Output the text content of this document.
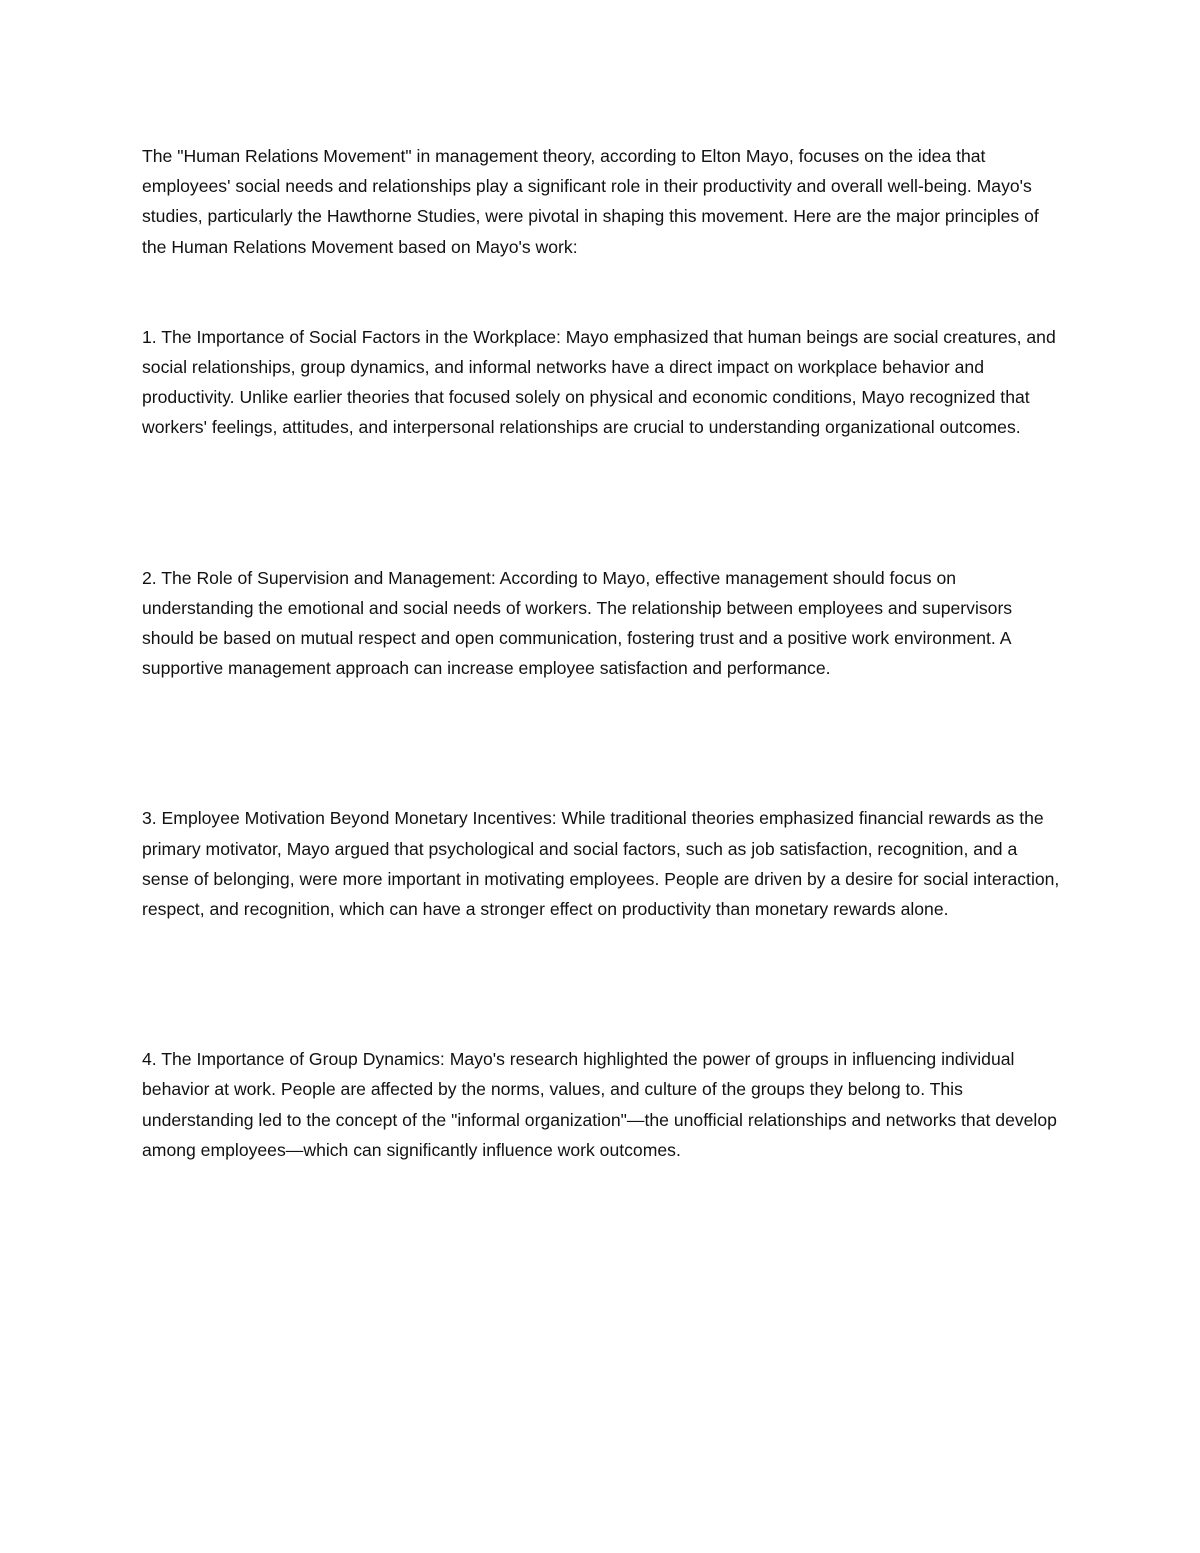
The "Human Relations Movement" in management theory, according to Elton Mayo, focuses on the idea that employees' social needs and relationships play a significant role in their productivity and overall well-being. Mayo's studies, particularly the Hawthorne Studies, were pivotal in shaping this movement. Here are the major principles of the Human Relations Movement based on Mayo's work:

1. The Importance of Social Factors in the Workplace: Mayo emphasized that human beings are social creatures, and social relationships, group dynamics, and informal networks have a direct impact on workplace behavior and productivity. Unlike earlier theories that focused solely on physical and economic conditions, Mayo recognized that workers' feelings, attitudes, and interpersonal relationships are crucial to understanding organizational outcomes.

2. The Role of Supervision and Management: According to Mayo, effective management should focus on understanding the emotional and social needs of workers. The relationship between employees and supervisors should be based on mutual respect and open communication, fostering trust and a positive work environment. A supportive management approach can increase employee satisfaction and performance.

3. Employee Motivation Beyond Monetary Incentives: While traditional theories emphasized financial rewards as the primary motivator, Mayo argued that psychological and social factors, such as job satisfaction, recognition, and a sense of belonging, were more important in motivating employees. People are driven by a desire for social interaction, respect, and recognition, which can have a stronger effect on productivity than monetary rewards alone.

4. The Importance of Group Dynamics: Mayo's research highlighted the power of groups in influencing individual behavior at work. People are affected by the norms, values, and culture of the groups they belong to. This understanding led to the concept of the "informal organization"—the unofficial relationships and networks that develop among employees—which can significantly influence work outcomes.
